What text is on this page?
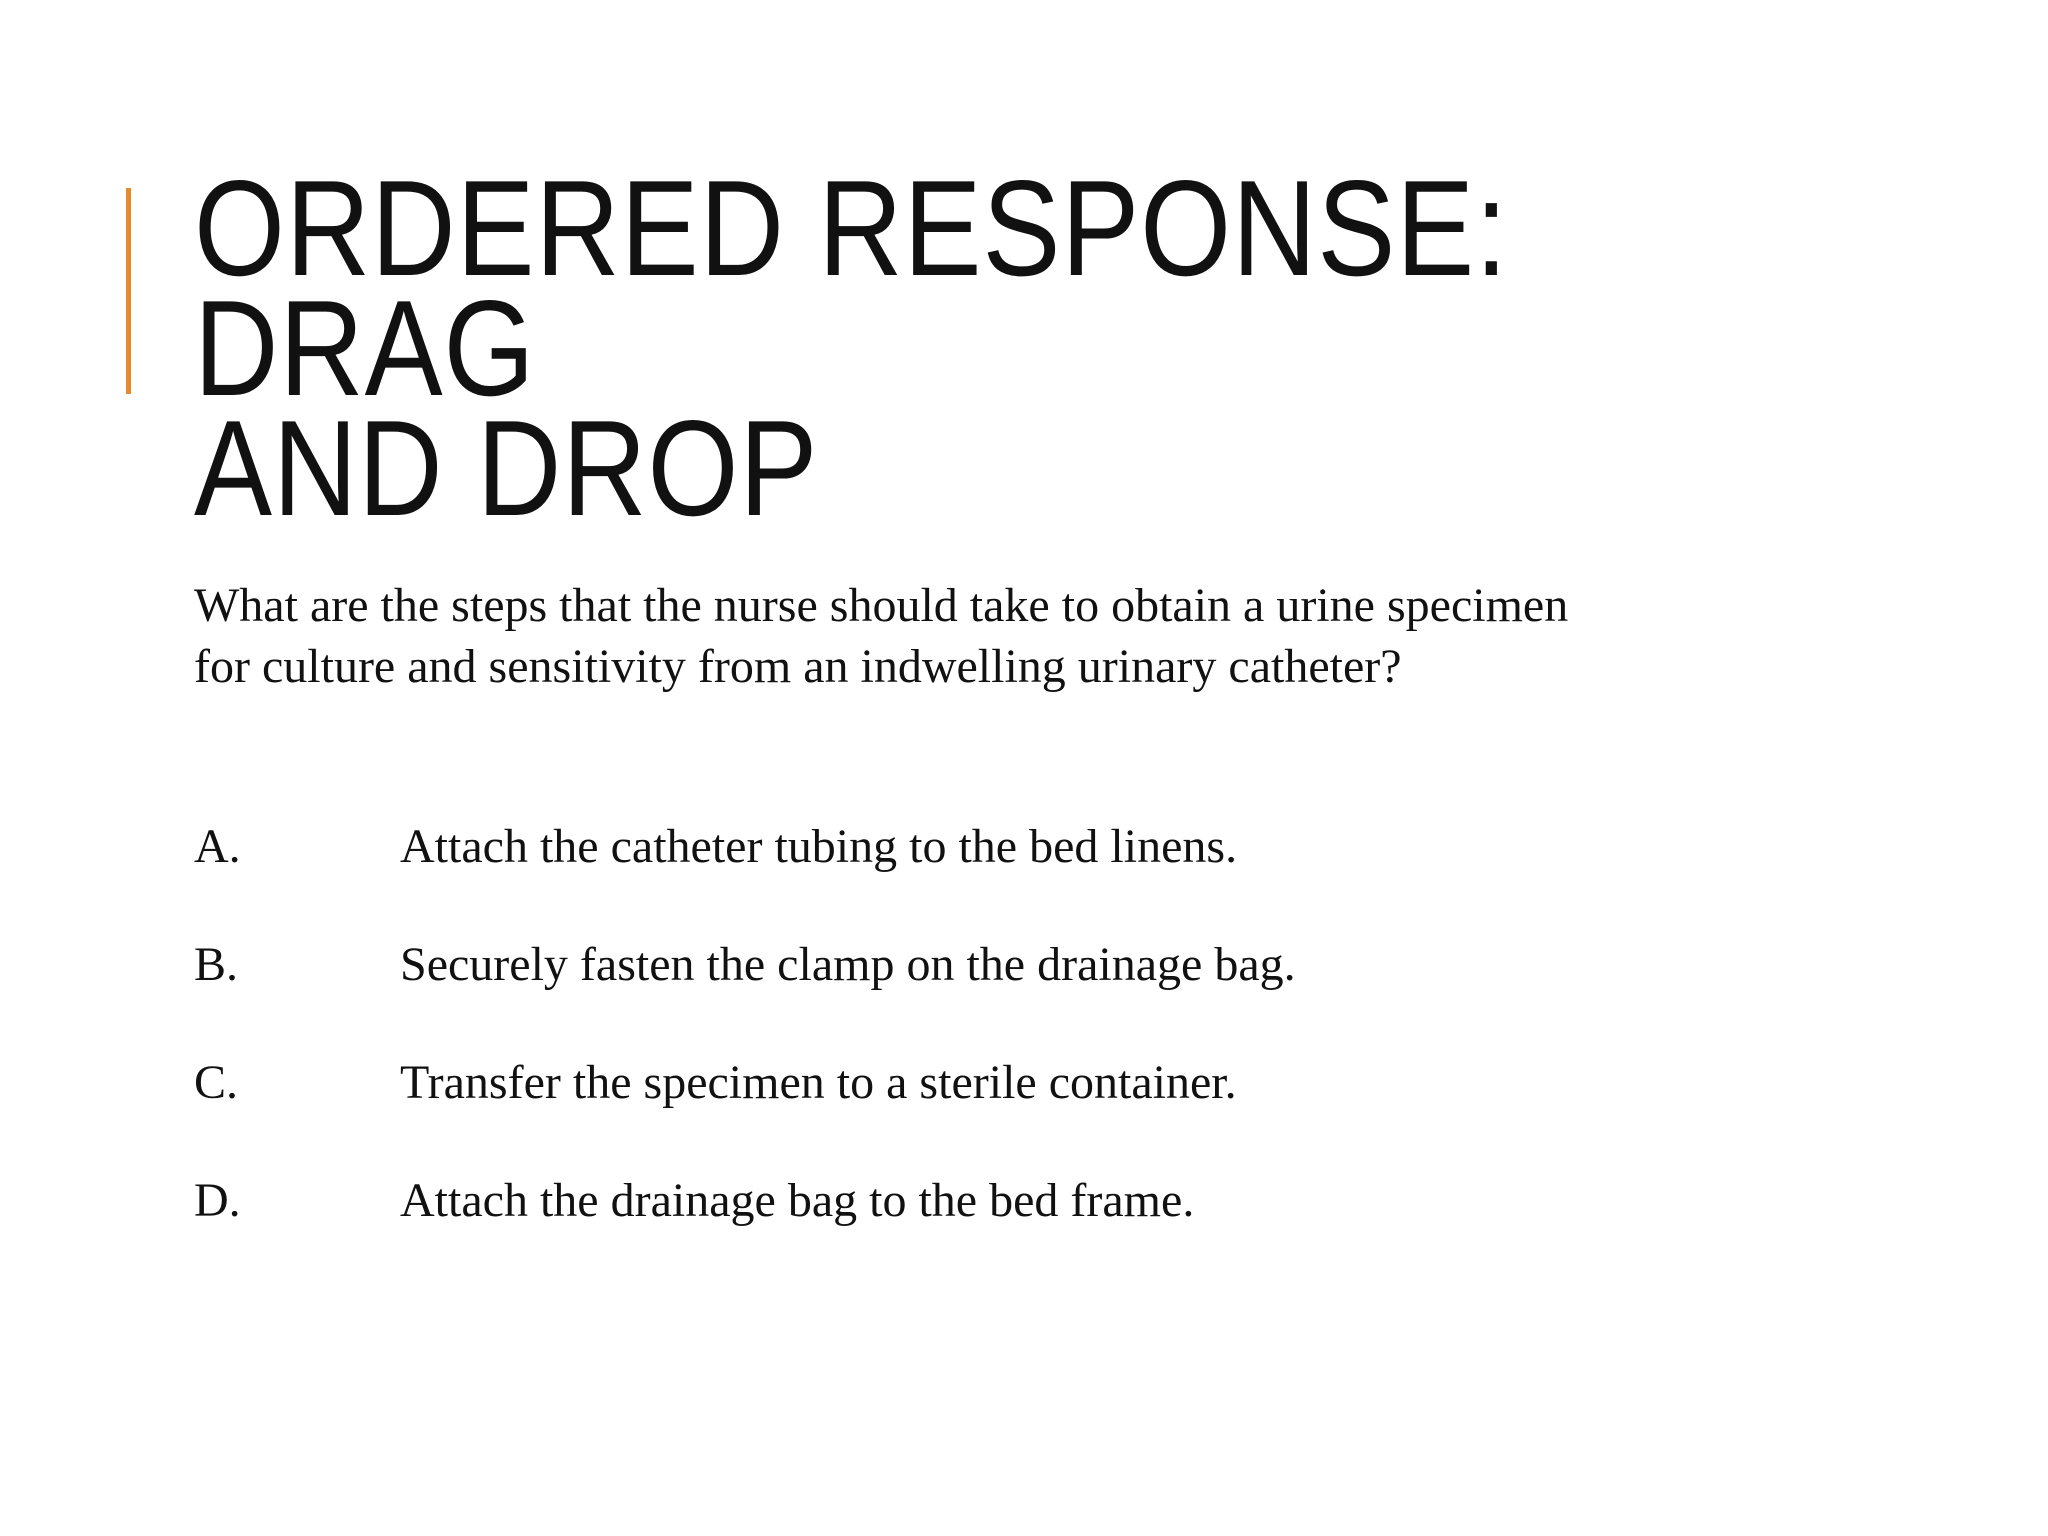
ORDERED RESPONSE: DRAG
AND DROP

What are the steps that the nurse should take to obtain a urine specimen for culture and sensitivity from an indwelling urinary catheter?

A.	Attach the catheter tubing to the bed linens.
B.	Securely fasten the clamp on the drainage bag.
C.	Transfer the specimen to a sterile container.
D.	Attach the drainage bag to the bed frame.
